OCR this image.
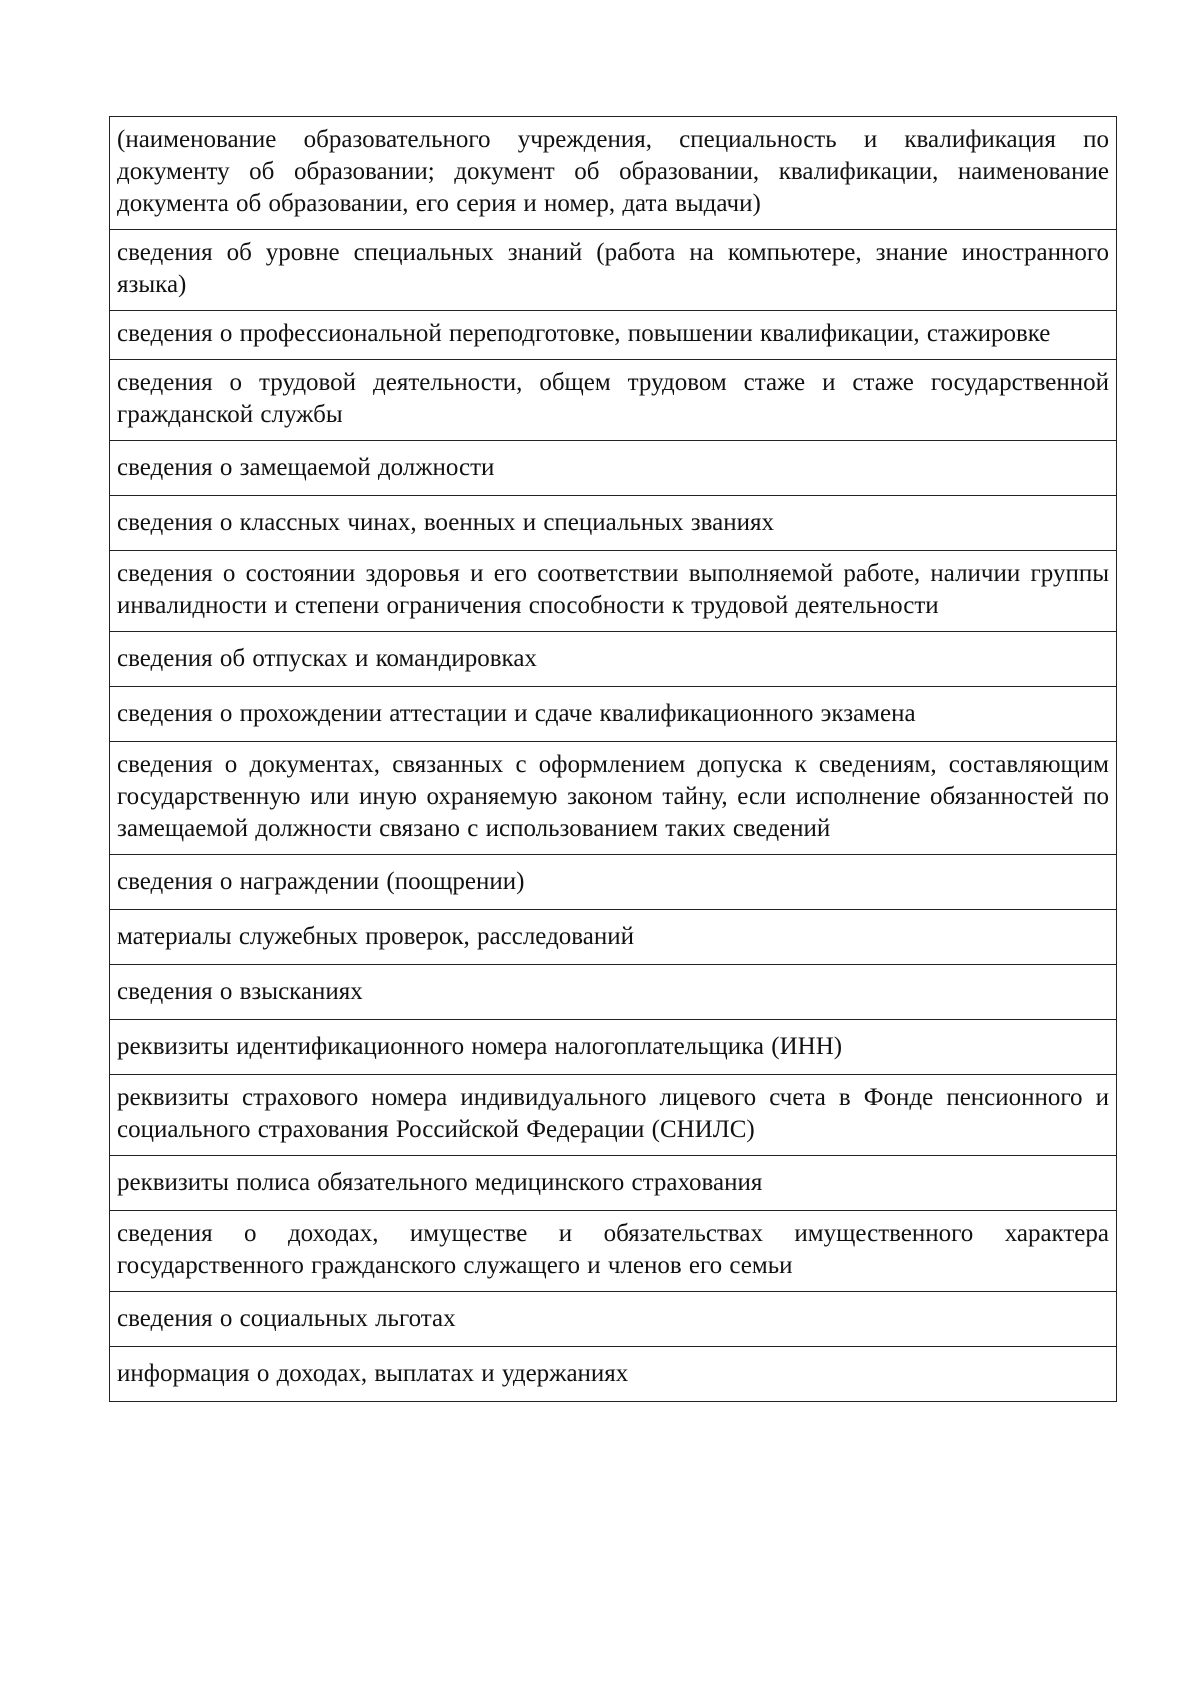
(наименование образовательного учреждения, специальность и квалификация по документу об образовании; документ об образовании, квалификации, наименование документа об образовании, его серия и номер, дата выдачи)
сведения об уровне специальных знаний (работа на компьютере, знание иностранного языка)
сведения о профессиональной переподготовке, повышении квалификации, стажировке
сведения о трудовой деятельности, общем трудовом стаже и стаже государственной гражданской службы
сведения о замещаемой должности
сведения о классных чинах, военных и специальных званиях
сведения о состоянии здоровья и его соответствии выполняемой работе, наличии группы инвалидности и степени ограничения способности к трудовой деятельности
сведения об отпусках и командировках
сведения о прохождении аттестации и сдаче квалификационного экзамена
сведения о документах, связанных с оформлением допуска к сведениям, составляющим государственную или иную охраняемую законом тайну, если исполнение обязанностей по замещаемой должности связано с использованием таких сведений
сведения о награждении (поощрении)
материалы служебных проверок, расследований
сведения о взысканиях
реквизиты идентификационного номера налогоплательщика (ИНН)
реквизиты страхового номера индивидуального лицевого счета в Фонде пенсионного и социального страхования Российской Федерации (СНИЛС)
реквизиты полиса обязательного медицинского страхования
сведения о доходах, имуществе и обязательствах имущественного характера государственного гражданского служащего и членов его семьи
сведения о социальных льготах
информация о доходах, выплатах и удержаниях
